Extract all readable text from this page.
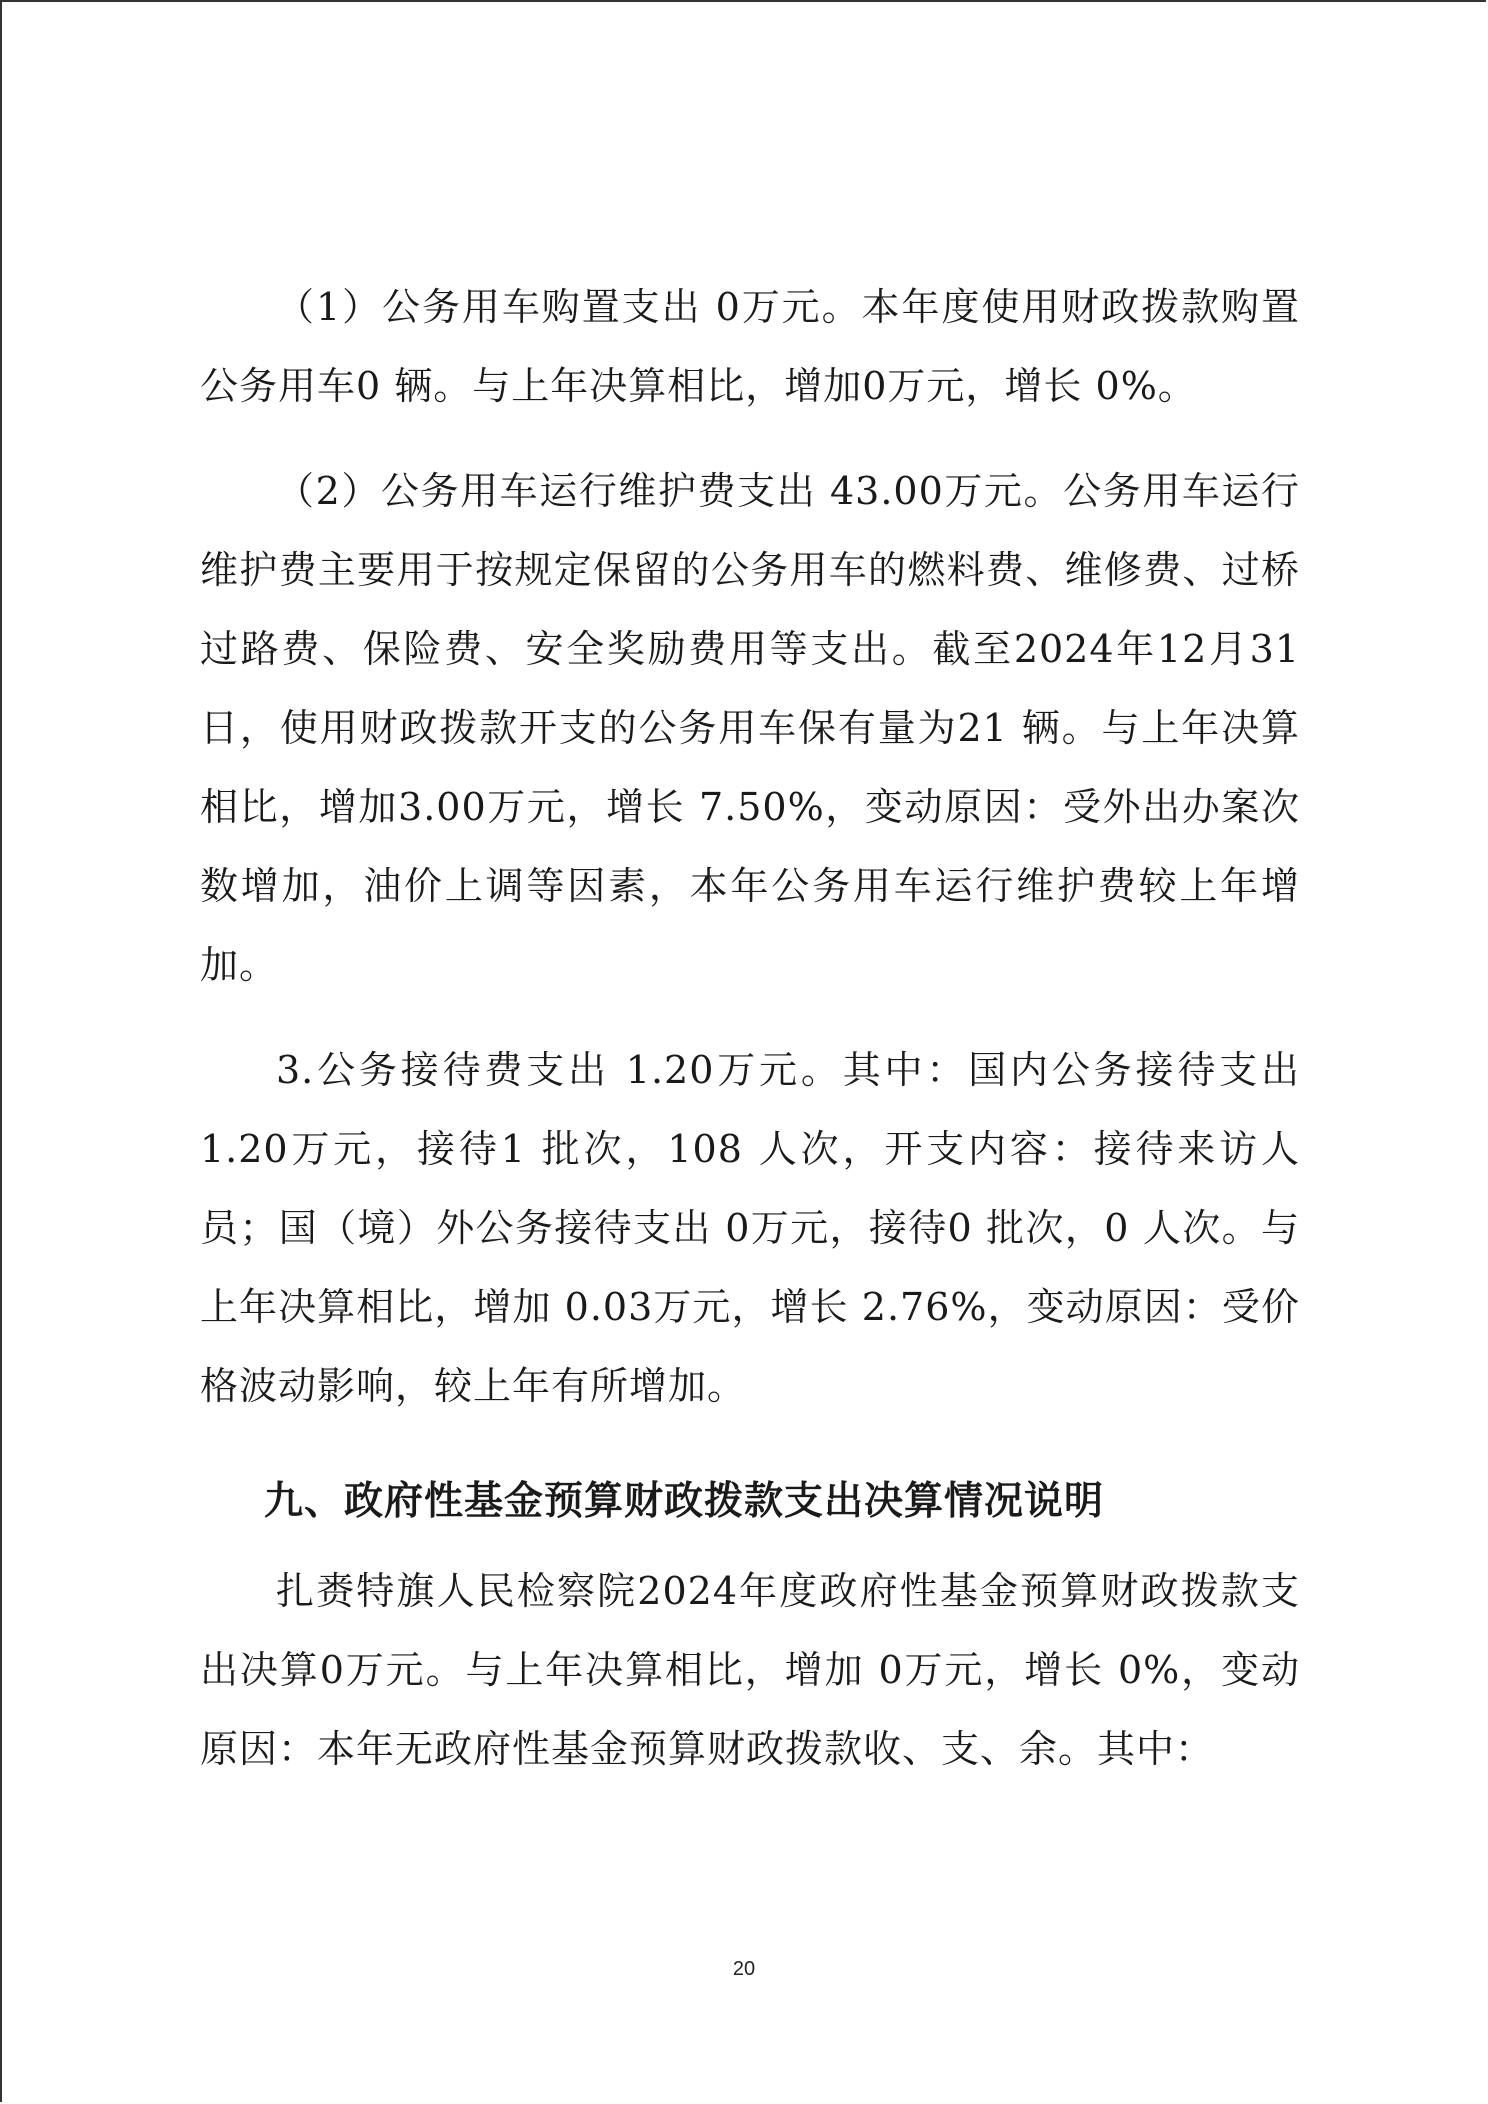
（1）公务用车购置支出 0万元。本年度使用财政拨款购置公务用车0 辆。与上年决算相比，增加0万元，增长 0%。

（2）公务用车运行维护费支出 43.00万元。公务用车运行维护费主要用于按规定保留的公务用车的燃料费、维修费、过桥过路费、保险费、安全奖励费用等支出。截至2024年12月31日，使用财政拨款开支的公务用车保有量为21 辆。与上年决算相比，增加3.00万元，增长 7.50%，变动原因：受外出办案次数增加，油价上调等因素，本年公务用车运行维护费较上年增加。

3.公务接待费支出 1.20万元。其中：国内公务接待支出1.20万元，接待1 批次，108 人次，开支内容：接待来访人员；国（境）外公务接待支出 0万元，接待0 批次，0 人次。与上年决算相比，增加 0.03万元，增长 2.76%，变动原因：受价格波动影响，较上年有所增加。

九、政府性基金预算财政拨款支出决算情况说明

扎赉特旗人民检察院2024年度政府性基金预算财政拨款支出决算0万元。与上年决算相比，增加 0万元，增长 0%，变动原因：本年无政府性基金预算财政拨款收、支、余。其中：

20
